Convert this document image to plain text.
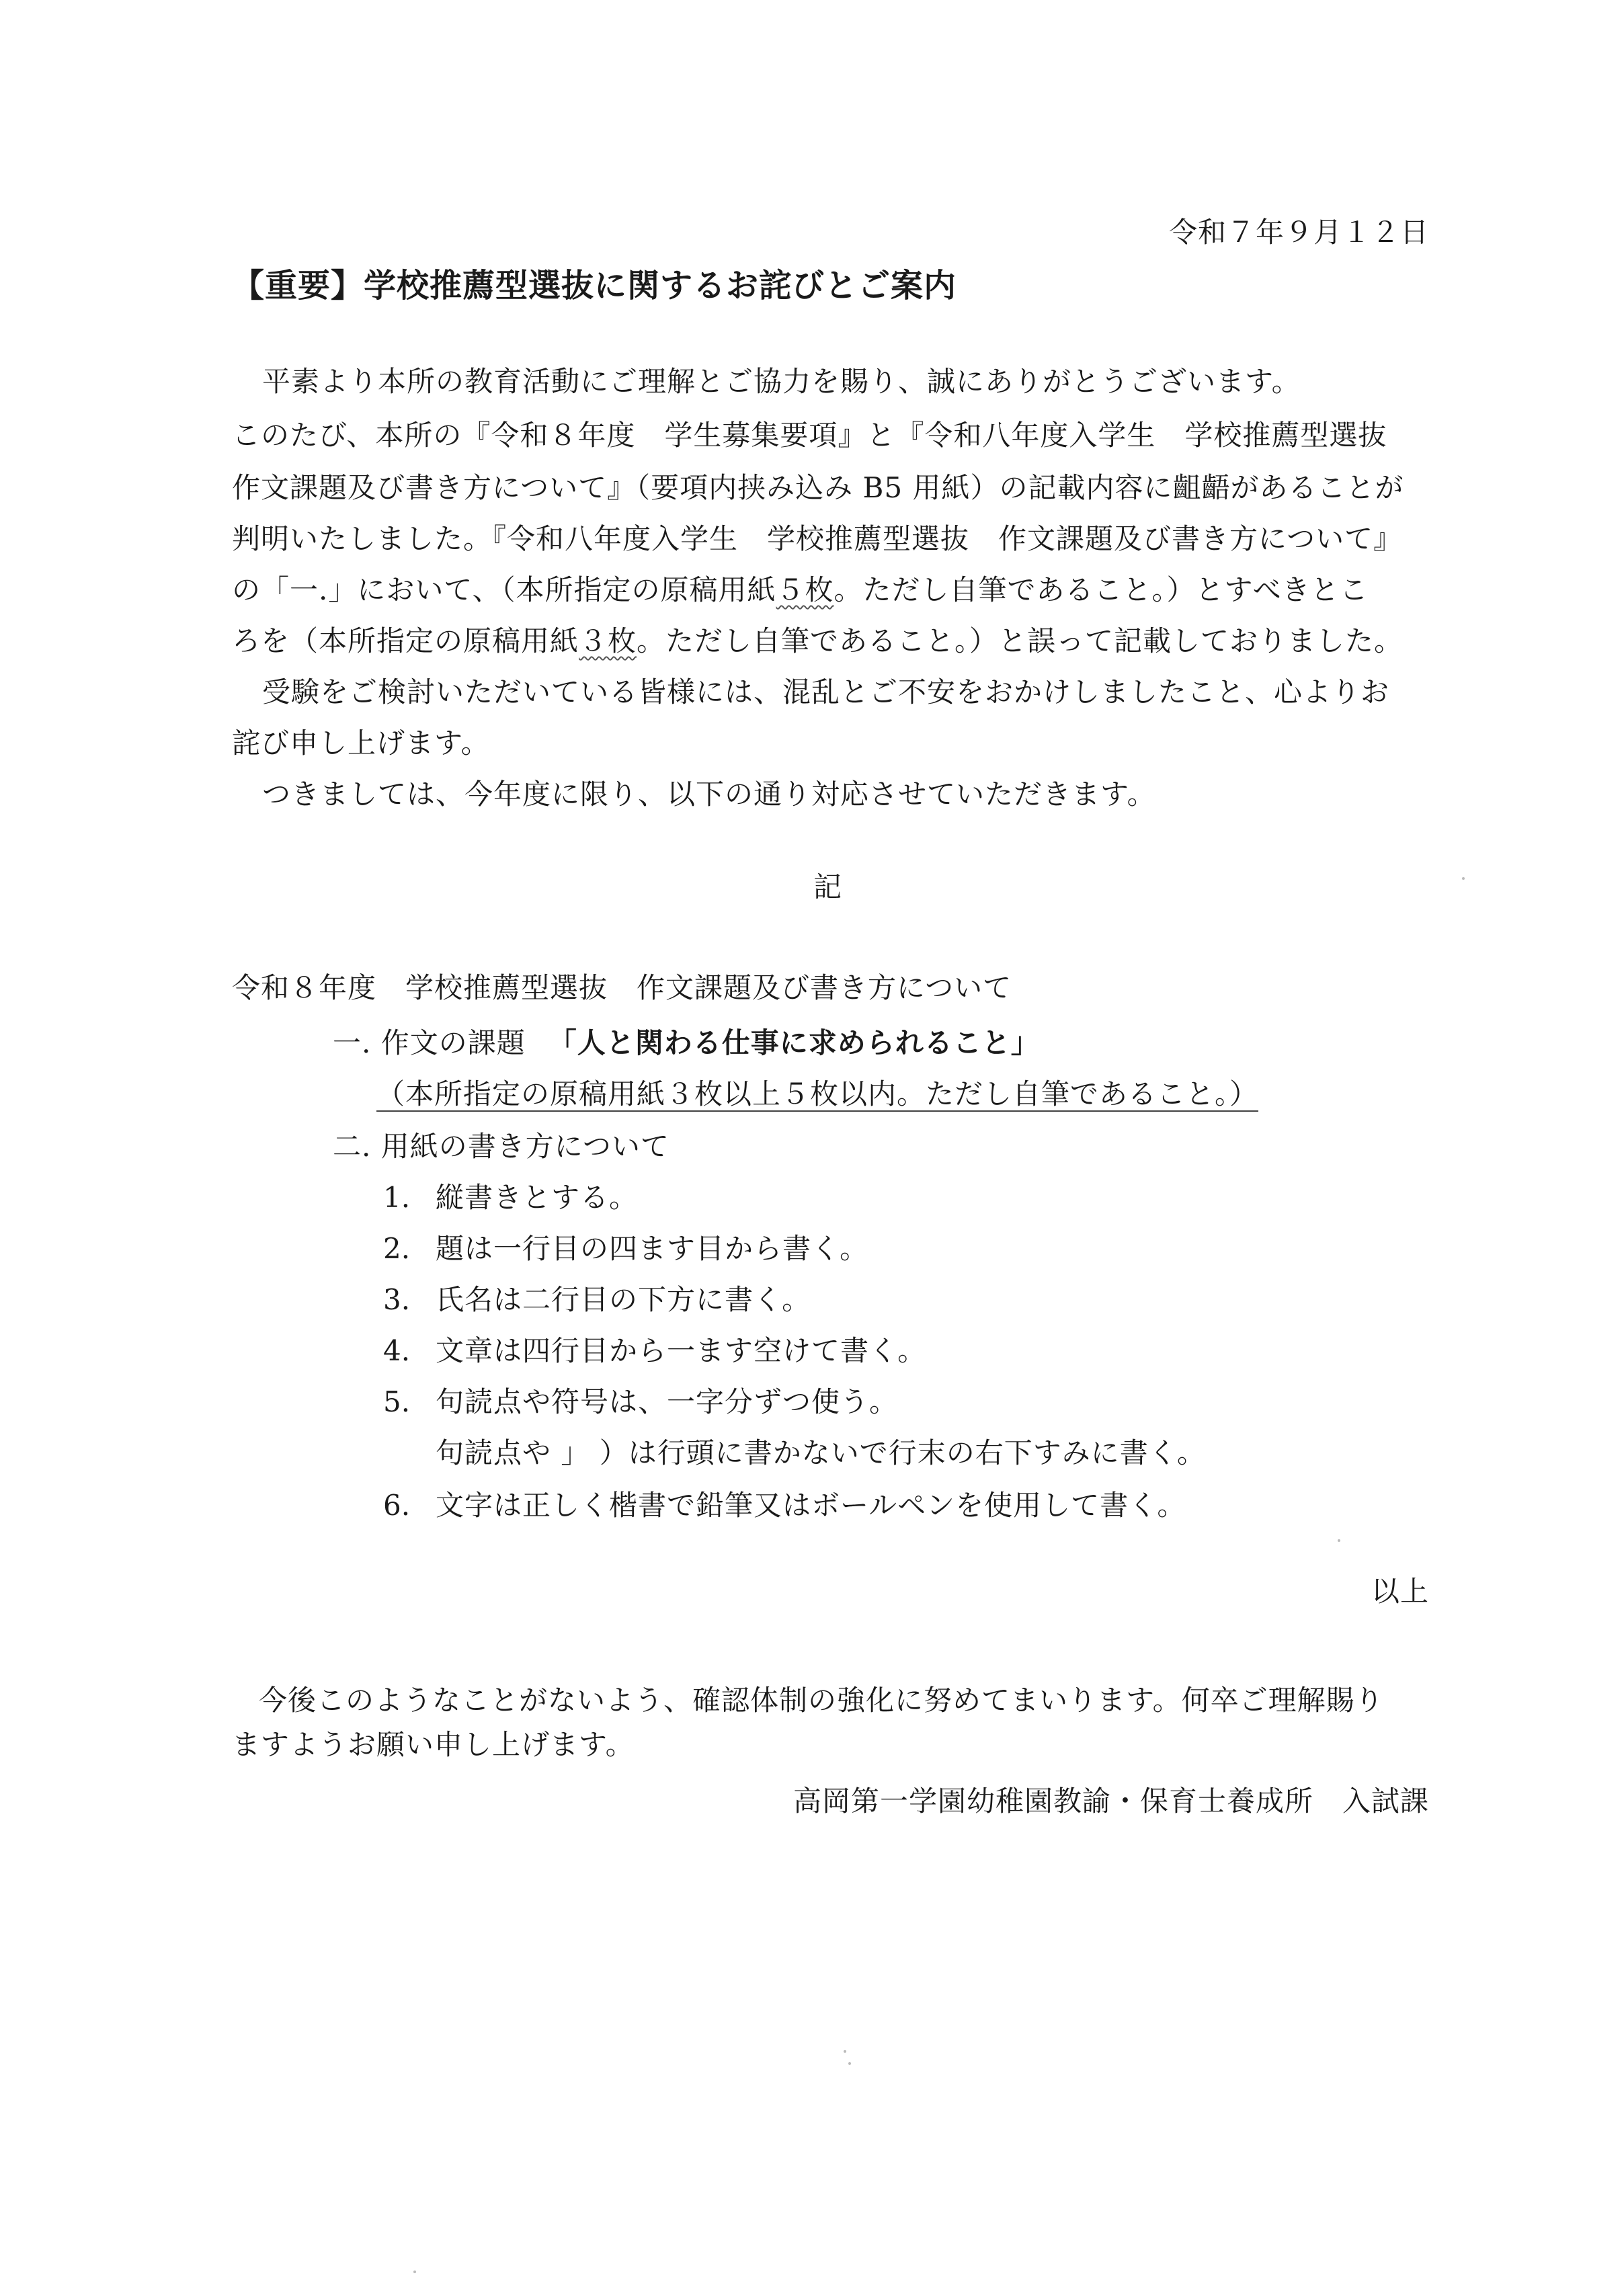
令和７年９月１２日
【重要】学校推薦型選抜に関するお詫びとご案内
平素より本所の教育活動にご理解とご協力を賜り、誠にありがとうございます。
このたび、本所の『令和８年度　学生募集要項』と『令和八年度入学生　学校推薦型選抜
作文課題及び書き方について』（要項内挟み込み B5 用紙）の記載内容に齟齬があることが
判明いたしました。『令和八年度入学生　学校推薦型選抜　作文課題及び書き方について』
の「一.」において、（本所指定の原稿用紙５枚。ただし自筆であること。）とすべきとこ
ろを（本所指定の原稿用紙３枚。ただし自筆であること。）と誤って記載しておりました。
受験をご検討いただいている皆様には、混乱とご不安をおかけしましたこと、心よりお
詫び申し上げます。
つきましては、今年度に限り、以下の通り対応させていただきます。
記
令和８年度　学校推薦型選抜　作文課題及び書き方について
一. 作文の課題 「人と関わる仕事に求められること」
（本所指定の原稿用紙３枚以上５枚以内。ただし自筆であること。）
二. 用紙の書き方について
1. 縦書きとする。
2. 題は一行目の四ます目から書く。
3. 氏名は二行目の下方に書く。
4. 文章は四行目から一ます空けて書く。
5. 句読点や符号は、一字分ずつ使う。
句読点や 」 ）は行頭に書かないで行末の右下すみに書く。
6. 文字は正しく楷書で鉛筆又はボールペンを使用して書く。
以上
今後このようなことがないよう、確認体制の強化に努めてまいります。何卒ご理解賜り
ますようお願い申し上げます。
高岡第一学園幼稚園教諭・保育士養成所　入試課
